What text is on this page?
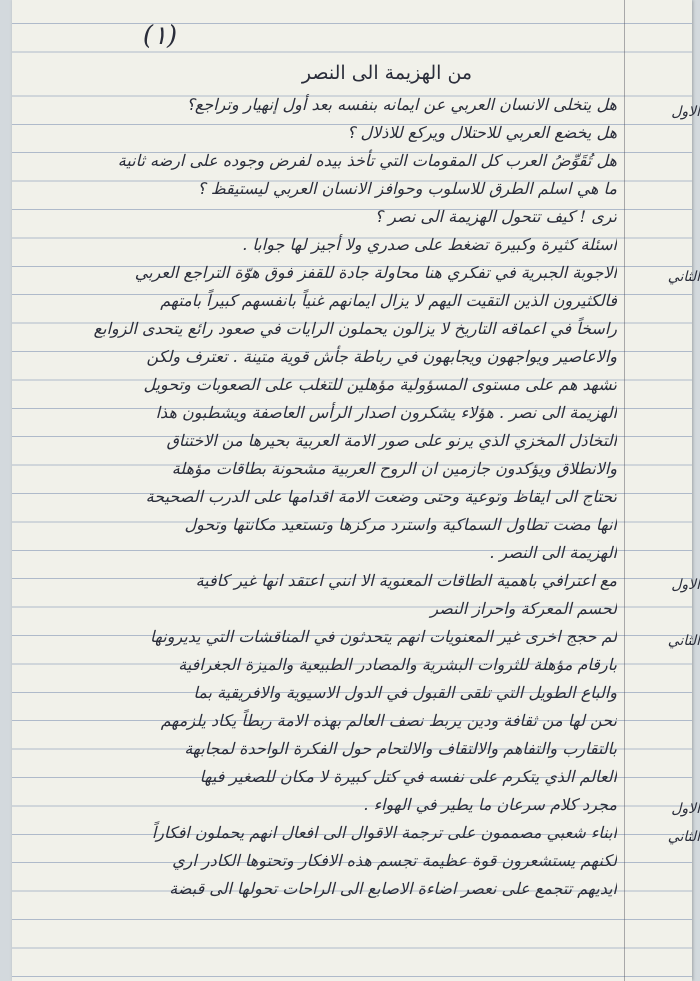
(١)
من الهزيمة الى النصر
هل يتخلى الانسان العربي عن ايمانه بنفسه بعد أول إنهيار وتراجع؟
هل يخضع العربي للاحتلال ويركع للاذلال ؟
هل تُقَوِّضُ العرب كل المقومات التي تأخذ بيده لفرض وجوده على ارضه ثانية
ما هي اسلم الطرق للاسلوب وحوافز الانسان العربي ليستيقظ ؟
ترى ! كيف تتحول الهزيمة الى نصر ؟
اسئلة كثيرة وكبيرة تضغط على صدري ولا أجيز لها جوابا .
الاجوبة الجبرية في تفكري هنا محاولة جادة للقفز فوق هوّة التراجع العربي
فالكثيرون الذين التقيت اليهم لا يزال ايمانهم غنياً بانفسهم كبيراً بامتهم
راسخاً في اعماقه التاريخ لا يزالون يحملون الرايات في صعود رائع يتحدى الزوابع
والاعاصير ويواجهون ويجابهون في رباطة جأش قوية متينة . تعترف ولكن
تشهد هم على مستوى المسؤولية مؤهلين للتغلب على الصعوبات وتحويل
الهزيمة الى نصر . هؤلاء يشكرون اصدار الرأس العاصفة ويشطبون هذا
التخاذل المخزي الذي يرنو على صور الامة العربية بحيرها من الاختناق
والانطلاق ويؤكدون جازمين ان الروح العربية مشحونة بطاقات مؤهلة
تحتاج الى ايقاظ وتوعية وحتى وضعت الامة اقدامها على الدرب الصحيحة
انها مضت تطاول السماكية واسترد مركزها وتستعيد مكانتها وتحول
الهزيمة الى النصر .
مع اعترافي باهمية الطاقات المعنوية الا انني اعتقد انها غير كافية
لحسم المعركة واحراز النصر
لم حجج اخرى غير المعنويات انهم يتحدثون في المناقشات التي يديرونها
بارقام مؤهلة للثروات البشرية والمصادر الطبيعية والميزة الجغرافية
والباع الطويل التي تلقى القبول في الدول الاسيوية والافريقية بما
نحن لها من ثقافة ودين يربط نصف العالم بهذه الامة ربطاً يكاد يلزمهم
بالتقارب والتفاهم والالتقاف والالتحام حول الفكرة الواحدة لمجابهة
العالم الذي يتكرم على نفسه في كتل كبيرة لا مكان للصغير فيها
مجرد كلام سرعان ما يطير في الهواء .
ابناء شعبي مصممون على ترجمة الاقوال الى افعال انهم يحملون افكاراً
لكنهم يستشعرون قوة عظيمة تجسم هذه الافكار وتحتوها الكادر اري
ايديهم تتجمع على نعصر اضاءة الاصابع الى الراحات تحولها الى قبضة
الاول
الثاني
الاول
الثاني
الاول
الثاني
